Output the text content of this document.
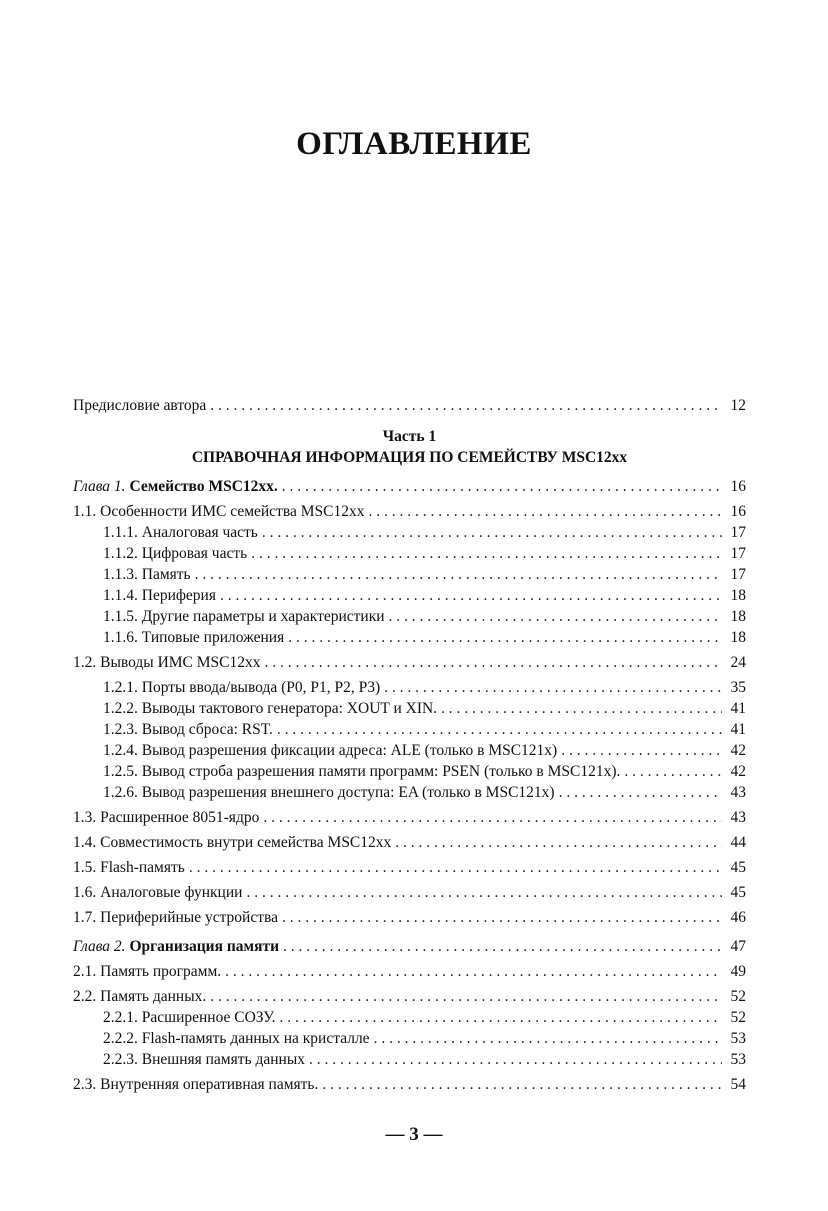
ОГЛАВЛЕНИЕ
Предисловие автора . . .	12
Часть 1
СПРАВОЧНАЯ ИНФОРМАЦИЯ ПО СЕМЕЙСТВУ MSC12xx
Глава 1. Семейство MSC12xx. . . .	16
1.1. Особенности ИМС семейства MSC12xx . . .	16
1.1.1. Аналоговая часть . . .	17
1.1.2. Цифровая часть . . .	17
1.1.3. Память . . .	17
1.1.4. Периферия . . .	18
1.1.5. Другие параметры и характеристики . . .	18
1.1.6. Типовые приложения . . .	18
1.2. Выводы ИМС MSC12xx . . .	24
1.2.1. Порты ввода/вывода (P0, P1, P2, P3) . . .	35
1.2.2. Выводы тактового генератора: XOUT и XIN. . . .	41
1.2.3. Вывод сброса: RST. . . .	41
1.2.4. Вывод разрешения фиксации адреса: ALE (только в MSC121x) . . .	42
1.2.5. Вывод строба разрешения памяти программ: PSEN (только в MSC121x). . . .	42
1.2.6. Вывод разрешения внешнего доступа: EA (только в MSC121x) . . .	43
1.3. Расширенное 8051-ядро . . .	43
1.4. Совместимость внутри семейства MSC12xx . . .	44
1.5. Flash-память . . .	45
1.6. Аналоговые функции . . .	45
1.7. Периферийные устройства . . .	46
Глава 2. Организация памяти . . .	47
2.1. Память программ. . . .	49
2.2. Память данных. . . .	52
2.2.1. Расширенное СОЗУ. . . .	52
2.2.2. Flash-память данных на кристалле . . .	53
2.2.3. Внешняя память данных . . .	53
2.3. Внутренняя оперативная память. . . .	54
— 3 —
